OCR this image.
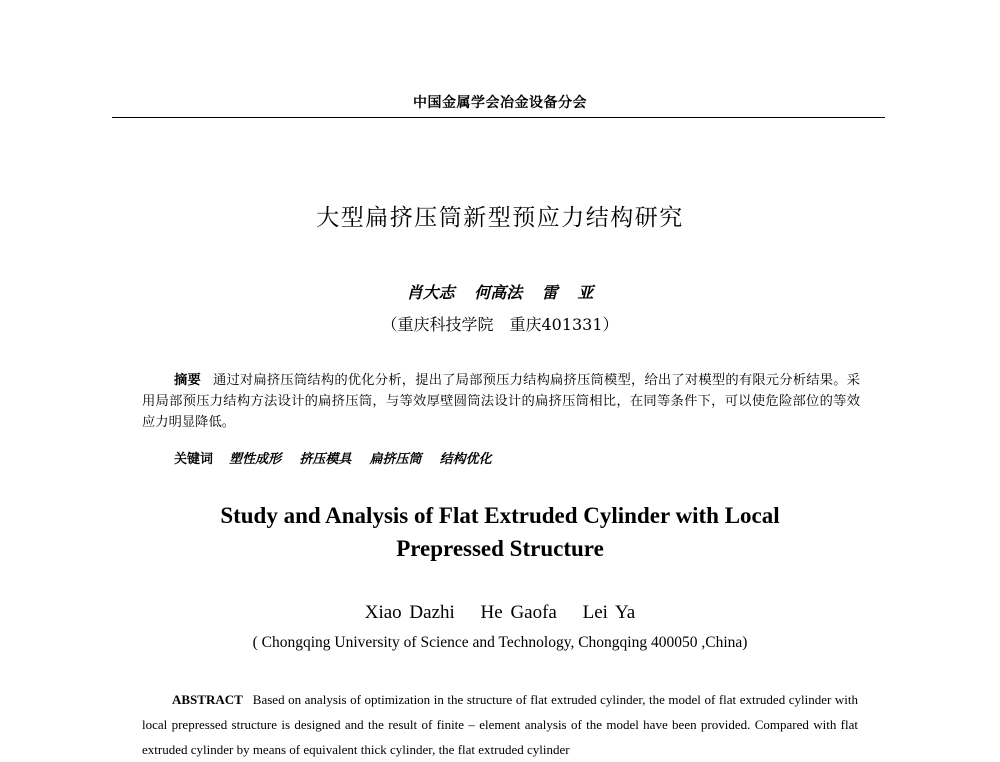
中国金属学会冶金设备分会
大型扁挤压筒新型预应力结构研究
肖大志 何高法 雷 亚
（重庆科技学院　重庆401331）
摘要 通过对扁挤压筒结构的优化分析，提出了局部预压力结构扁挤压筒模型，给出了对模型的有限元分析结果。采用局部预压力结构方法设计的扁挤压筒，与等效厚壁圆筒法设计的扁挤压筒相比，在同等条件下，可以使危险部位的等效应力明显降低。
关键词 塑性成形 挤压模具 扁挤压筒 结构优化
Study and Analysis of Flat Extruded Cylinder with Local
Prepressed Structure
Xiao Dazhi He Gaofa Lei Ya
( Chongqing University of Science and Technology, Chongqing 400050 ,China)
ABSTRACT Based on analysis of optimization in the structure of flat extruded cylinder, the model of flat extruded cylinder with local prepressed structure is designed and the result of finite – element analysis of the model have been provided. Compared with flat extruded cylinder by means of equivalent thick cylinder, the flat extruded cylinder
